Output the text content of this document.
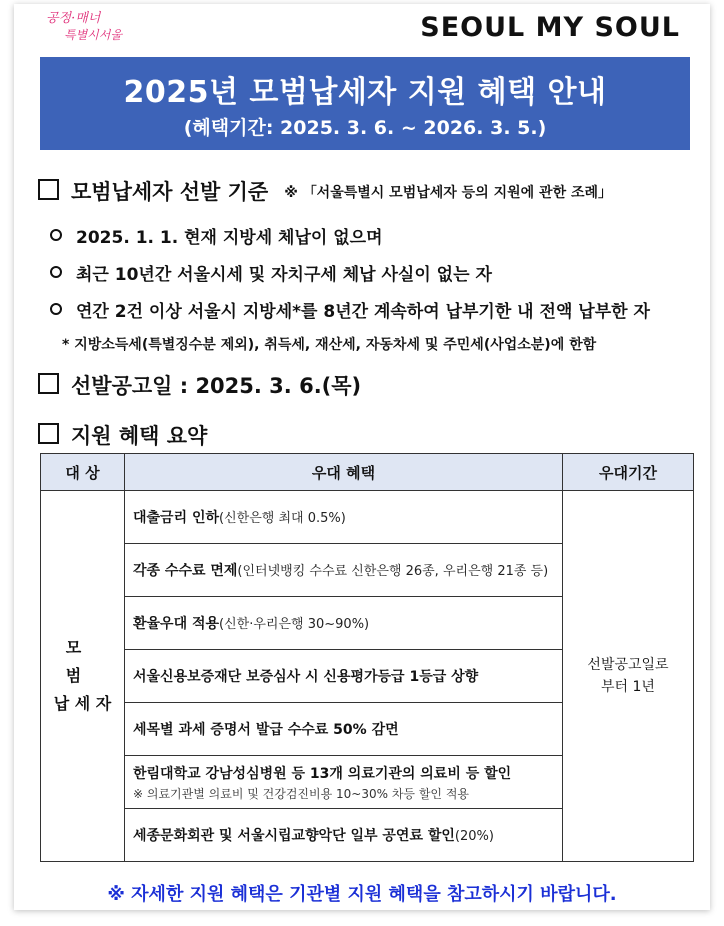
공정·매너
특별시서울	SEOUL MY SOUL
2025년 모범납세자 지원 혜택 안내
(혜택기간: 2025. 3. 6. ~ 2026. 3. 5.)
모범납세자 선발 기준 ※ 「서울특별시 모범납세자 등의 지원에 관한 조례」
2025. 1. 1. 현재 지방세 체납이 없으며
최근 10년간 서울시세 및 자치구세 체납 사실이 없는 자
연간 2건 이상 서울시 지방세*를 8년간 계속하여 납부기한 내 전액 납부한 자
* 지방소득세(특별징수분 제외), 취득세, 재산세, 자동차세 및 주민세(사업소분)에 한함
선발공고일 : 2025. 3. 6.(목)
지원 혜택 요약
대 상	우대 혜택	우대기간
모 범
납 세 자	대출금리 인하(신한은행 최대 0.5%)	선발공고일로
부터 1년
	각종 수수료 면제(인터넷뱅킹 수수료 신한은행 26종, 우리은행 21종 등)	
	환율우대 적용(신한·우리은행 30~90%)	
	서울신용보증재단 보증심사 시 신용평가등급 1등급 상향	
	세목별 과세 증명서 발급 수수료 50% 감면	
	한림대학교 강남성심병원 등 13개 의료기관의 의료비 등 할인
※ 의료기관별 의료비 및 건강검진비용 10~30% 차등 할인 적용	

	세종문화회관 및 서울시립교향악단 일부 공연료 할인(20%)	
※ 자세한 지원 혜택은 기관별 지원 혜택을 참고하시기 바랍니다.
